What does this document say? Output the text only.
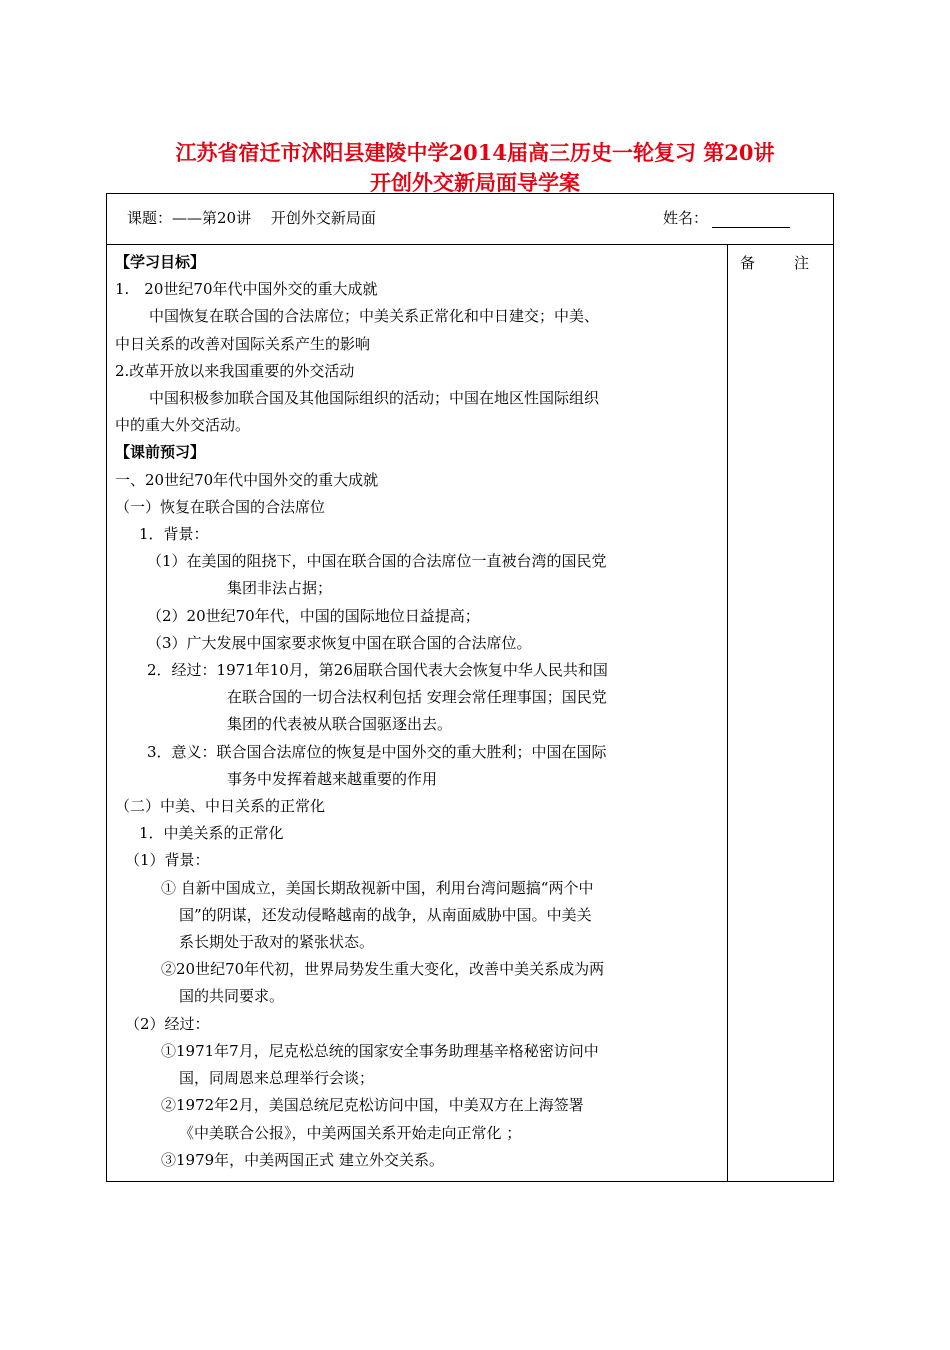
江苏省宿迁市沭阳县建陵中学2014届高三历史一轮复习 第20讲
开创外交新局面导学案
课题：——第20讲　 开创外交新局面	姓名：
备　注
【学习目标】
1.　20世纪70年代中国外交的重大成就
中国恢复在联合国的合法席位；中美关系正常化和中日建交；中美、
中日关系的改善对国际关系产生的影响
2.改革开放以来我国重要的外交活动
中国积极参加联合国及其他国际组织的活动；中国在地区性国际组织
中的重大外交活动。
【课前预习】
一、20世纪70年代中国外交的重大成就
（一）恢复在联合国的合法席位
1．背景：
（1）在美国的阻挠下，中国在联合国的合法席位一直被台湾的国民党
集团非法占据；
（2）20世纪70年代，中国的国际地位日益提高；
（3）广大发展中国家要求恢复中国在联合国的合法席位。
2．经过：1971年10月，第26届联合国代表大会恢复中华人民共和国
在联合国的一切合法权利包括 安理会常任理事国；国民党
集团的代表被从联合国驱逐出去。
3．意义：联合国合法席位的恢复是中国外交的重大胜利；中国在国际
事务中发挥着越来越重要的作用
（二）中美、中日关系的正常化
1．中美关系的正常化
（1）背景：
① 自新中国成立，美国长期敌视新中国，利用台湾问题搞“两个中
国”的阴谋，还发动侵略越南的战争，从南面威胁中国。中美关
系长期处于敌对的紧张状态。
②20世纪70年代初，世界局势发生重大变化，改善中美关系成为两
国的共同要求。
（2）经过：
①1971年7月，尼克松总统的国家安全事务助理基辛格秘密访问中
国，同周恩来总理举行会谈；
②1972年2月，美国总统尼克松访问中国，中美双方在上海签署
《中美联合公报》，中美两国关系开始走向正常化 ；
③1979年，中美两国正式 建立外交关系。
